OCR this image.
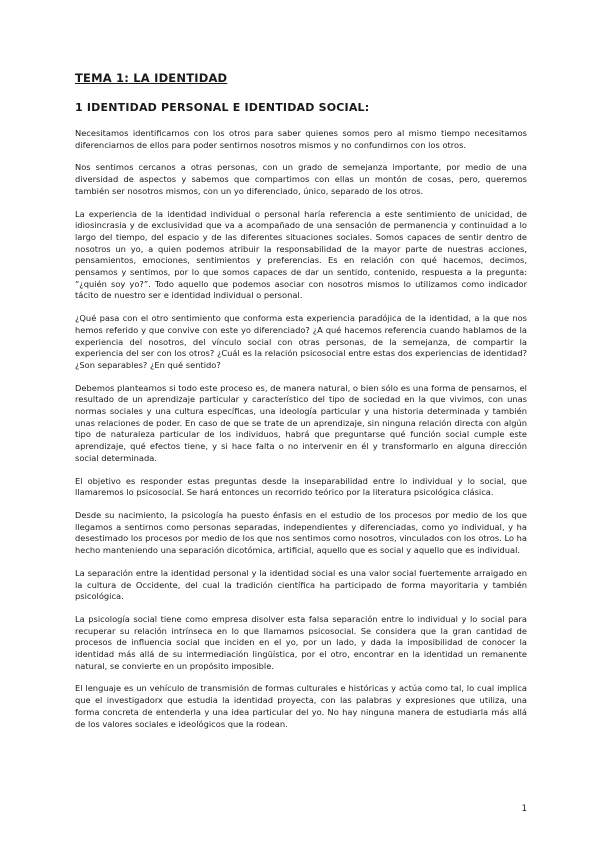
TEMA 1: LA IDENTIDAD
1 IDENTIDAD PERSONAL E IDENTIDAD SOCIAL:

Necesitamos identificarnos con los otros para saber quienes somos pero al mismo tiempo necesitamos diferenciarnos de ellos para poder sentirnos nosotros mismos y no confundirnos con los otros.

Nos sentimos cercanos a otras personas, con un grado de semejanza importante, por medio de una diversidad de aspectos y sabemos que compartimos con ellas un montón de cosas, pero, queremos también ser nosotros mismos, con un yo diferenciado, único, separado de los otros.

La experiencia de la identidad individual o personal haría referencia a este sentimiento de unicidad, de idiosincrasia y de exclusividad que va a acompañado de una sensación de permanencia y continuidad a lo largo del tiempo, del espacio y de las diferentes situaciones sociales. Somos capaces de sentir dentro de nosotros un yo, a quien podemos atribuir la responsabilidad de la mayor parte de nuestras acciones, pensamientos, emociones, sentimientos y preferencias. Es en relación con qué hacemos, decimos, pensamos y sentimos, por lo que somos capaces de dar un sentido, contenido, respuesta a la pregunta: “¿quién soy yo?”. Todo aquello que podemos asociar con nosotros mismos lo utilizamos como indicador tácito de nuestro ser e identidad individual o personal.

¿Qué pasa con el otro sentimiento que conforma esta experiencia paradójica de la identidad, a la que nos hemos referido y que convive con este yo diferenciado? ¿A qué hacemos referencia cuando hablamos de la experiencia del nosotros, del vínculo social con otras personas, de la semejanza, de compartir la experiencia del ser con los otros? ¿Cuál es la relación psicosocial entre estas dos experiencias de identidad? ¿Son separables? ¿En qué sentido?

Debemos plantearnos si todo este proceso es, de manera natural, o bien sólo es una forma de pensarnos, el resultado de un aprendizaje particular y característico del tipo de sociedad en la que vivimos, con unas normas sociales y una cultura específicas, una ideología particular y una historia determinada y también unas relaciones de poder. En caso de que se trate de un aprendizaje, sin ninguna relación directa con algún tipo de naturaleza particular de los individuos, habrá que preguntarse qué función social cumple este aprendizaje, qué efectos tiene, y si hace falta o no intervenir en él y transformarlo en alguna dirección social determinada.

El objetivo es responder estas preguntas desde la inseparabilidad entre lo individual y lo social, que llamaremos lo psicosocial. Se hará entonces un recorrido teórico por la literatura psicológica clásica.

Desde su nacimiento, la psicología ha puesto énfasis en el estudio de los procesos por medio de los que llegamos a sentirnos como personas separadas, independientes y diferenciadas, como yo individual, y ha desestimado los procesos por medio de los que nos sentimos como nosotros, vinculados con los otros. Lo ha hecho manteniendo una separación dicotómica, artificial, aquello que es social y aquello que es individual.

La separación entre la identidad personal y la identidad social es una valor social fuertemente arraigado en la cultura de Occidente, del cual la tradición científica ha participado de forma mayoritaria y también psicológica.

La psicología social tiene como empresa disolver esta falsa separación entre lo individual y lo social para recuperar su relación intrínseca en lo que llamamos psicosocial. Se considera que la gran cantidad de procesos de influencia social que inciden en el yo, por un lado, y dada la imposibilidad de conocer la identidad más allá de su intermediación lingüística, por el otro, encontrar en la identidad un remanente natural, se convierte en un propósito imposible.

El lenguaje es un vehículo de transmisión de formas culturales e históricas y actúa como tal, lo cual implica que el investigadorx que estudia la identidad proyecta, con las palabras y expresiones que utiliza, una forma concreta de entenderla y una idea particular del yo. No hay ninguna manera de estudiarla más allá de los valores sociales e ideológicos que la rodean.

1
